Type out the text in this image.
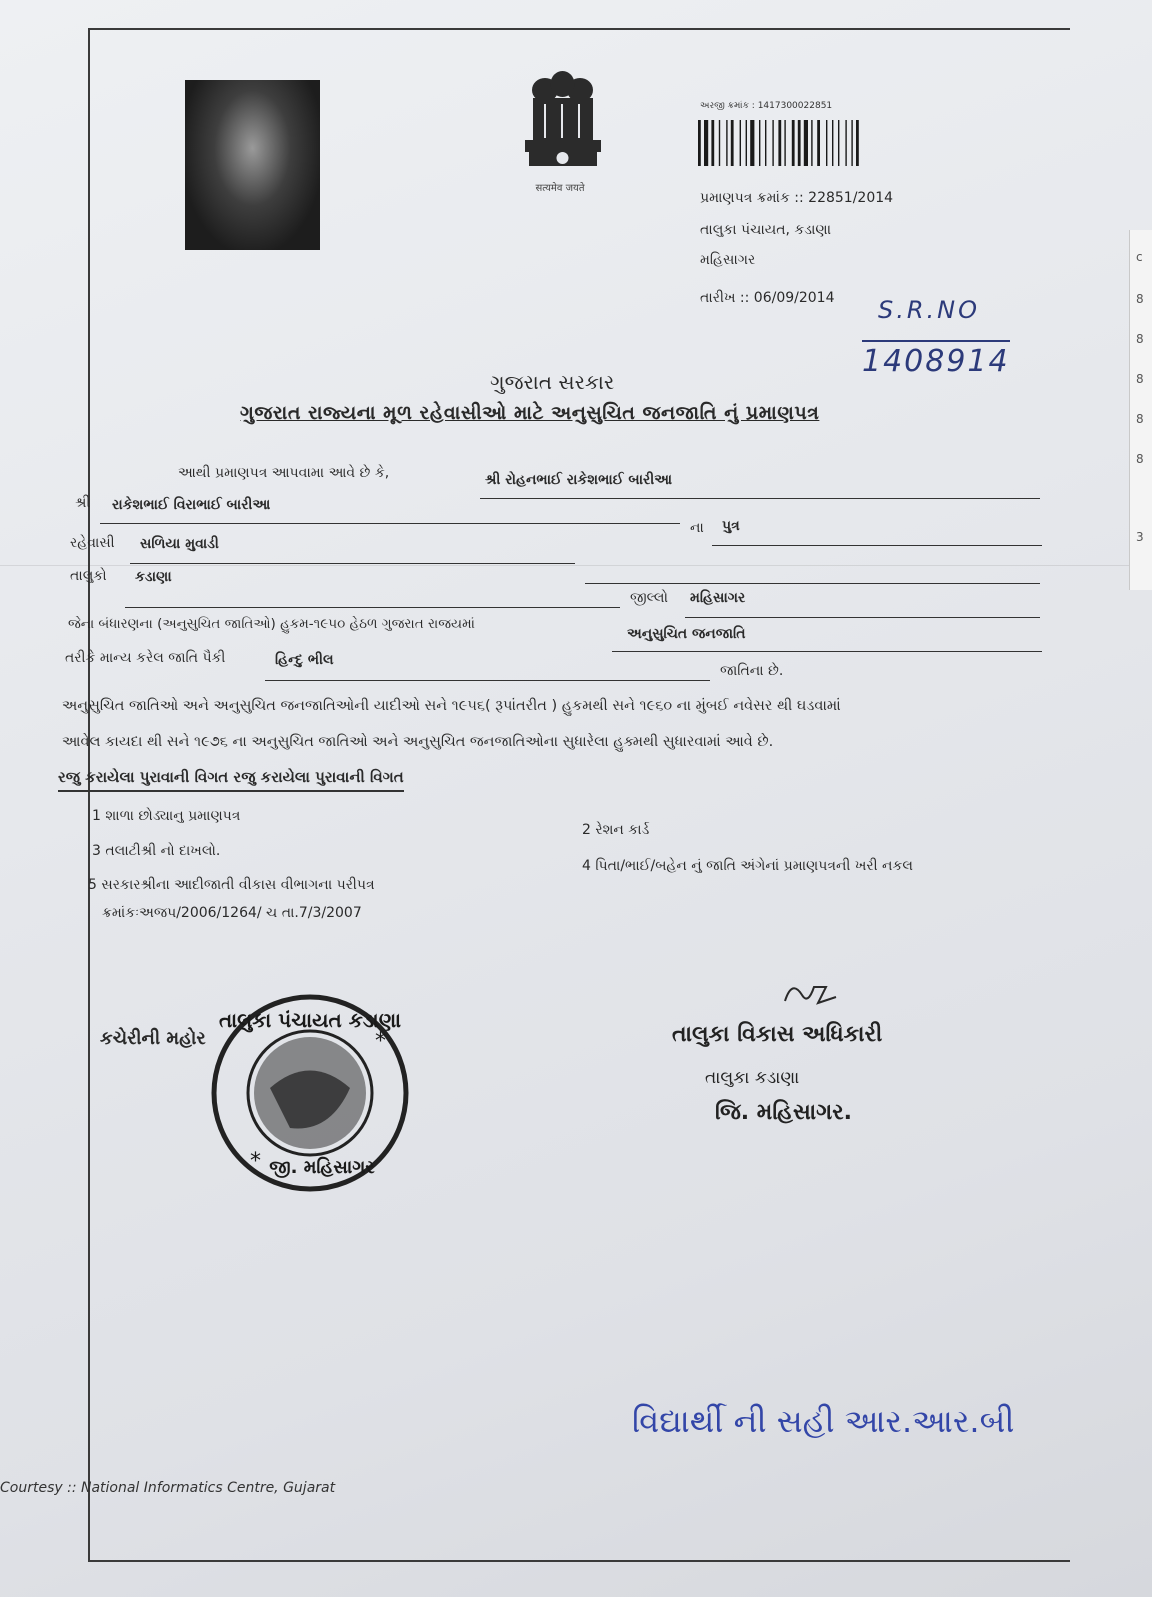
c
8
8
8
8
8
3
सत्यमेव जयते
અરજી ક્રમાંક : 1417300022851
પ્રમાણપત્ર ક્રમાંક :: 22851/2014
તાલુકા પંચાયત, કડાણા
મહિસાગર
તારીખ :: 06/09/2014 S.R.NO
1408914
ગુજરાત સરકાર
ગુજરાત રાજ્યના મૂળ રહેવાસીઓ માટે અનુસુચિત જનજાતિ નું પ્રમાણપત્ર
આથી પ્રમાણપત્ર આપવામા આવે છે કે,	શ્રી રોહનભાઈ રાકેશભાઈ બારીઆ
શ્રી રાકેશભાઈ વિરાભાઈ બારીઆ
ના પુત્ર
રહેવાસી સળિયા મુવાડી
તાલુકો કડાણા
જીલ્લો મહિસાગર
જેના બંધારણના (અનુસુચિત જાતિઓ) હુકમ-૧૯૫૦ હેઠળ ગુજરાત રાજયમાં
અનુસુચિત જનજાતિ
તરીકે માન્ય કરેલ જાતિ પૈકી	હિન્દુ ભીલ
જાતિના છે.
અનુસુચિત જાતિઓ અને અનુસુચિત જનજાતિઓની યાદીઓ સને ૧૯૫૬( રૂપાંતરીત ) હુકમથી સને ૧૯૬૦ ના મુંબઈ નવેસર થી ઘડવામાં
આવેલ કાયદા થી સને ૧૯૭૬ ના અનુસુચિત જાતિઓ અને અનુસુચિત જનજાતિઓના સુધારેલા હુક્મથી સુધારવામાં આવે છે.
રજુ કરાયેલા પુરાવાની વિગત રજુ કરાયેલા પુરાવાની વિગત
1 શાળા છોડ્યાનુ પ્રમાણપત્ર
2 રેશન કાર્ડ
3 તલાટીશ્રી નો દાખલો.
4 પિતા/ભાઈ/બહેન નું જાતિ અંગેનાં પ્રમાણપત્રની ખરી નકલ
5 સરકારશ્રીના આદીજાતી વીકાસ વીભાગના પરીપત્ર
ક્રમાંકઃઅજપ/2006/1264/ ચ તા.7/3/2007
કચેરીની મહોર
તાલુકા પંચાયત કડાણા
જી. મહિસાગર
*
*	તાલુકા વિકાસ અધિકારી
તાલુકા કડાણા
જિ. મહિસાગર.
વિદ્યાર્થી ની સહી આર.આર.બી
Courtesy :: National Informatics Centre, Gujarat
